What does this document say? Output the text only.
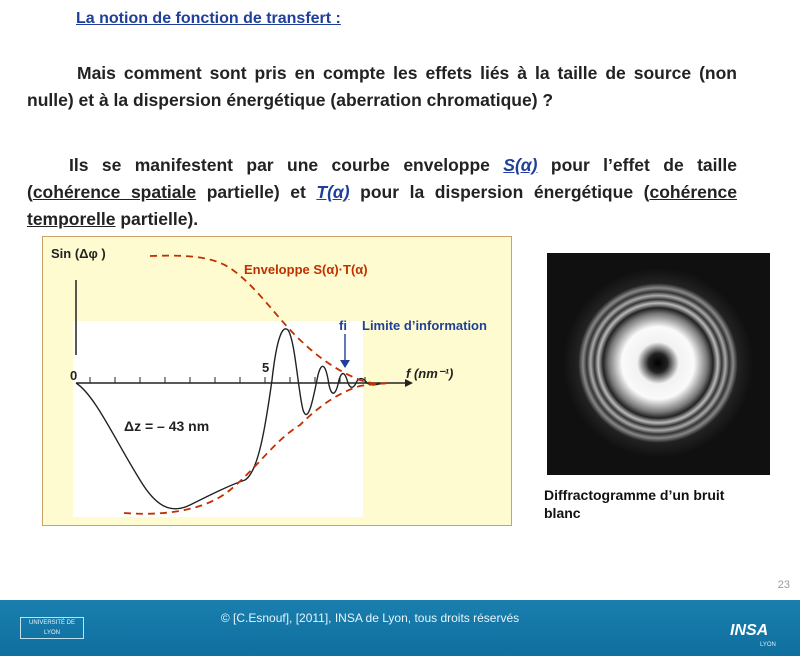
La notion de fonction de transfert :
Mais comment sont pris en compte les effets liés à la taille de source (non nulle) et à la dispersion énergétique (aberration chromatique) ?
Ils se manifestent par une courbe enveloppe S(α) pour l’effet de taille (cohérence spatiale partielle) et T(α) pour la dispersion énergétique (cohérence temporelle partielle).
Sin (Δφ )
0
5
Enveloppe S(α)·T(α)
fi Limite d’information
f (nm⁻¹)
Δz = – 43 nm
Diffractogramme d’un bruit blanc
23
UNIVERSITÉ DE LYON
© [C.Esnouf], [2011], INSA de Lyon, tous droits réservés
INSA
LYON
